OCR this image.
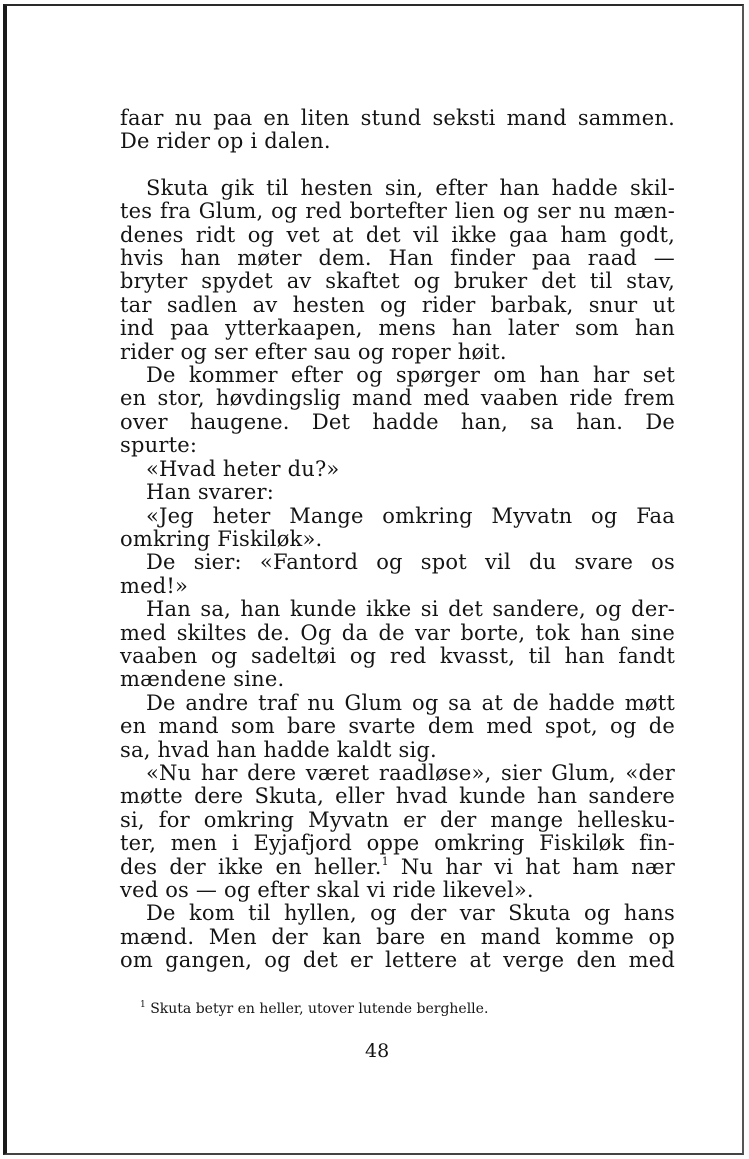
faar nu paa en liten stund seksti mand sammen.
De rider op i dalen.
Skuta gik til hesten sin, efter han hadde skil-
tes fra Glum, og red bortefter lien og ser nu mæn-
denes ridt og vet at det vil ikke gaa ham godt,
hvis han møter dem. Han finder paa raad —
bryter spydet av skaftet og bruker det til stav,
tar sadlen av hesten og rider barbak, snur ut
ind paa ytterkaapen, mens han later som han
rider og ser efter sau og roper høit.
De kommer efter og spørger om han har set
en stor, høvdingslig mand med vaaben ride frem
over haugene. Det hadde han, sa han. De
spurte:
«Hvad heter du?»
Han svarer:
«Jeg heter Mange omkring Myvatn og Faa
omkring Fiskiløk».
De sier: «Fantord og spot vil du svare os
med!»
Han sa, han kunde ikke si det sandere, og der-
med skiltes de. Og da de var borte, tok han sine
vaaben og sadeltøi og red kvasst, til han fandt
mændene sine.
De andre traf nu Glum og sa at de hadde møtt
en mand som bare svarte dem med spot, og de
sa, hvad han hadde kaldt sig.
«Nu har dere været raadløse», sier Glum, «der
møtte dere Skuta, eller hvad kunde han sandere
si, for omkring Myvatn er der mange hellesku-
ter, men i Eyjafjord oppe omkring Fiskiløk fin-
des der ikke en heller.$^1$ Nu har vi hat ham nær
ved os — og efter skal vi ride likevel».
De kom til hyllen, og der var Skuta og hans
mænd. Men der kan bare en mand komme op
om gangen, og det er lettere at verge den med
$^1$ Skuta betyr en heller, utover lutende berghelle.
48
